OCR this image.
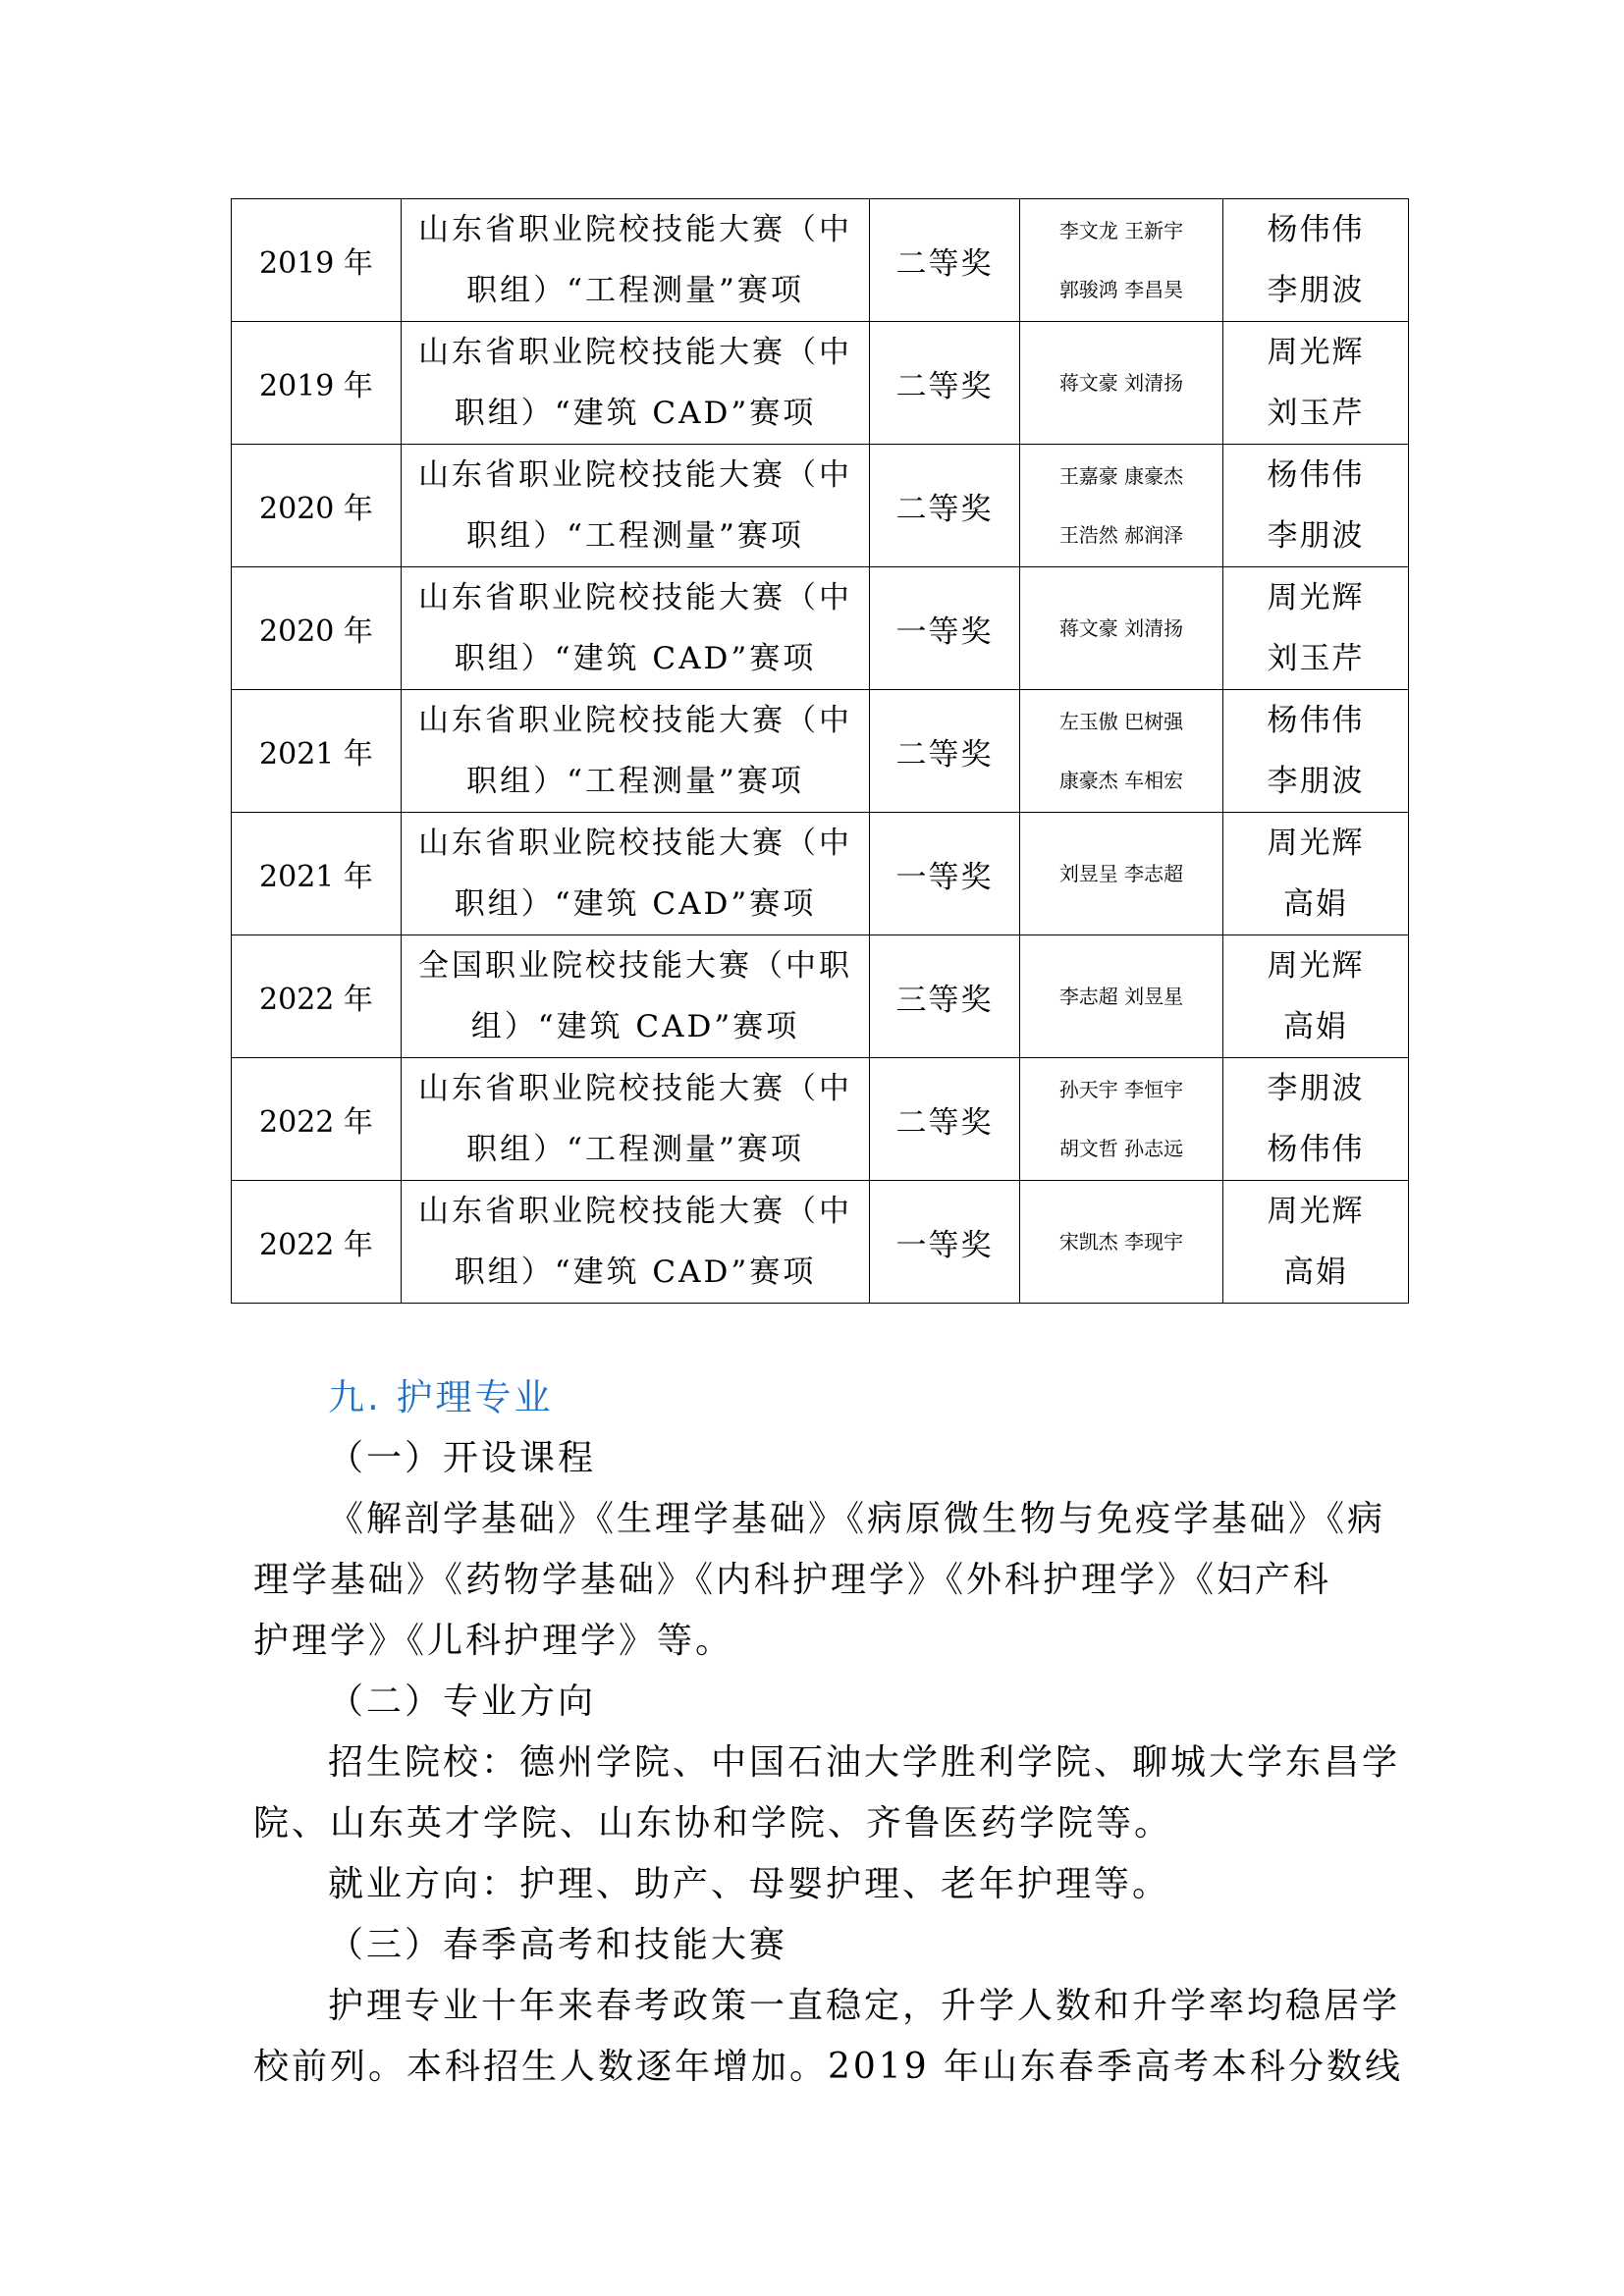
2019 年	山东省职业院校技能大赛（中
职组）“工程测量”赛项	二等奖	李文龙 王新宇
郭骏鸿 李昌昊	杨伟伟
李朋波

2019 年	山东省职业院校技能大赛（中
职组）“建筑 CAD”赛项	二等奖	蒋文豪 刘清扬	周光辉
刘玉芹

2020 年	山东省职业院校技能大赛（中
职组）“工程测量”赛项	二等奖	王嘉豪 康豪杰
王浩然 郝润泽	杨伟伟
李朋波

2020 年	山东省职业院校技能大赛（中
职组）“建筑 CAD”赛项	一等奖	蒋文豪 刘清扬	周光辉
刘玉芹

2021 年	山东省职业院校技能大赛（中
职组）“工程测量”赛项	二等奖	左玉傲 巴树强
康豪杰 车相宏	杨伟伟
李朋波

2021 年	山东省职业院校技能大赛（中
职组）“建筑 CAD”赛项	一等奖	刘昱呈 李志超	周光辉
高娟

2022 年	全国职业院校技能大赛（中职
组）“建筑 CAD”赛项	三等奖	李志超 刘昱星	周光辉
高娟

2022 年	山东省职业院校技能大赛（中
职组）“工程测量”赛项	二等奖	孙天宇 李恒宇
胡文哲 孙志远	李朋波
杨伟伟

2022 年	山东省职业院校技能大赛（中
职组）“建筑 CAD”赛项	一等奖	宋凯杰 李现宇	周光辉
高娟
九. 护理专业
（一）开设课程
《解剖学基础》《生理学基础》《病原微生物与免疫学基础》《病
理学基础》《药物学基础》《内科护理学》《外科护理学》《妇产科
护理学》《儿科护理学》等。
（二）专业方向
招生院校：德州学院、中国石油大学胜利学院、聊城大学东昌学
院、山东英才学院、山东协和学院、齐鲁医药学院等。
就业方向：护理、助产、母婴护理、老年护理等。
（三）春季高考和技能大赛
护理专业十年来春考政策一直稳定，升学人数和升学率均稳居学
校前列。本科招生人数逐年增加。2019 年山东春季高考本科分数线
